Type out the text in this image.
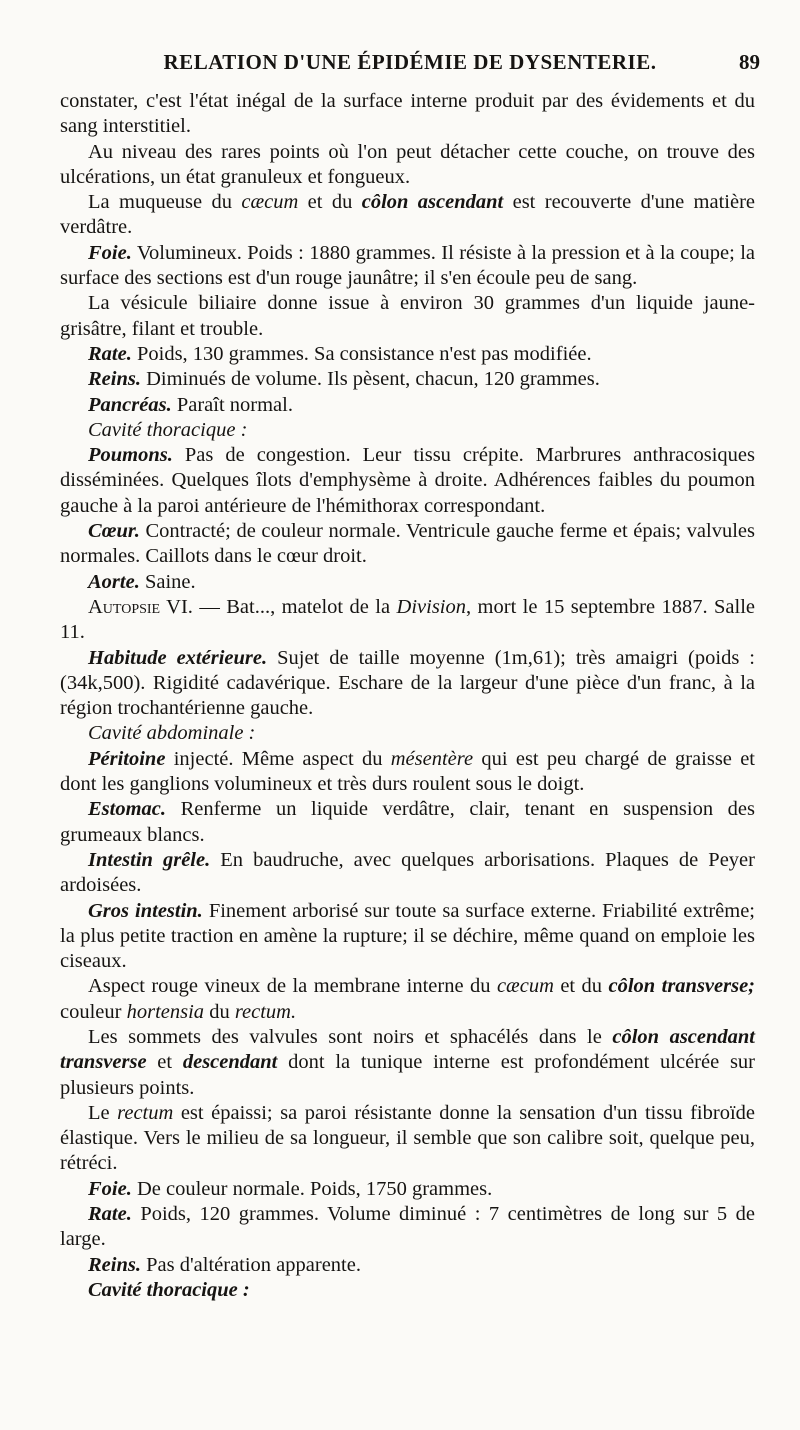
RELATION D'UNE ÉPIDÉMIE DE DYSENTERIE.	89

constater, c'est l'état inégal de la surface interne produit par des évidements et du sang interstitiel.

Au niveau des rares points où l'on peut détacher cette couche, on trouve des ulcérations, un état granuleux et fongueux.

La muqueuse du cæcum et du côlon ascendant est recouverte d'une matière verdâtre.

Foie. Volumineux. Poids : 1880 grammes. Il résiste à la pression et à la coupe; la surface des sections est d'un rouge jaunâtre; il s'en écoule peu de sang.

La vésicule biliaire donne issue à environ 30 grammes d'un liquide jaune-grisâtre, filant et trouble.

Rate. Poids, 130 grammes. Sa consistance n'est pas modifiée.

Reins. Diminués de volume. Ils pèsent, chacun, 120 grammes.

Pancréas. Paraît normal.

Cavité thoracique :

Poumons. Pas de congestion. Leur tissu crépite. Marbrures anthracosiques disséminées. Quelques îlots d'emphysème à droite. Adhérences faibles du poumon gauche à la paroi antérieure de l'hémithorax correspondant.

Cœur. Contracté; de couleur normale. Ventricule gauche ferme et épais; valvules normales. Caillots dans le cœur droit.

Aorte. Saine.

Autopsie VI. — Bat..., matelot de la Division, mort le 15 septembre 1887. Salle 11.

Habitude extérieure. Sujet de taille moyenne (1m,61); très amaigri (poids : (34k,500). Rigidité cadavérique. Eschare de la largeur d'une pièce d'un franc, à la région trochantérienne gauche.

Cavité abdominale :

Péritoine injecté. Même aspect du mésentère qui est peu chargé de graisse et dont les ganglions volumineux et très durs roulent sous le doigt.

Estomac. Renferme un liquide verdâtre, clair, tenant en suspension des grumeaux blancs.

Intestin grêle. En baudruche, avec quelques arborisations. Plaques de Peyer ardoisées.

Gros intestin. Finement arborisé sur toute sa surface externe. Friabilité extrême; la plus petite traction en amène la rupture; il se déchire, même quand on emploie les ciseaux.

Aspect rouge vineux de la membrane interne du cæcum et du côlon transverse; couleur hortensia du rectum.

Les sommets des valvules sont noirs et sphacélés dans le côlon ascendant transverse et descendant dont la tunique interne est profondément ulcérée sur plusieurs points.

Le rectum est épaissi; sa paroi résistante donne la sensation d'un tissu fibroïde élastique. Vers le milieu de sa longueur, il semble que son calibre soit, quelque peu, rétréci.

Foie. De couleur normale. Poids, 1750 grammes.

Rate. Poids, 120 grammes. Volume diminué : 7 centimètres de long sur 5 de large.

Reins. Pas d'altération apparente.

Cavité thoracique :
